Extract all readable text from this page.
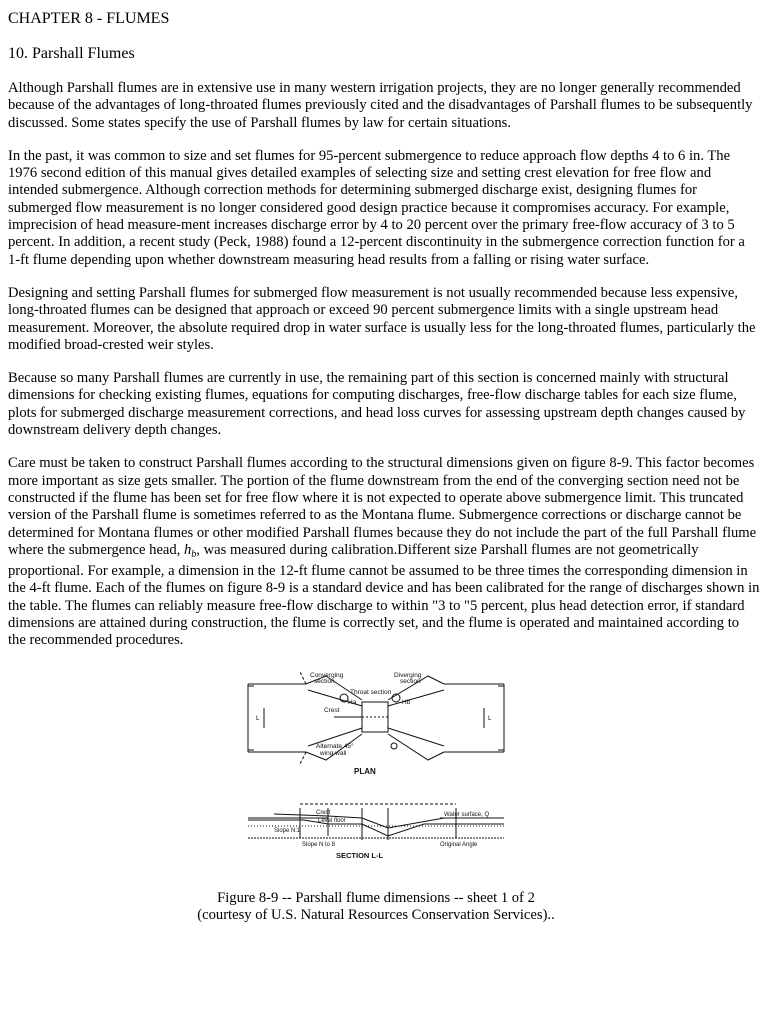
CHAPTER 8 - FLUMES
10. Parshall Flumes

Although Parshall flumes are in extensive use in many western irrigation projects, they are no longer generally recommended because of the advantages of long-throated flumes previously cited and the disadvantages of Parshall flumes to be subsequently discussed. Some states specify the use of Parshall flumes by law for certain situations.

In the past, it was common to size and set flumes for 95-percent submergence to reduce approach flow depths 4 to 6 in. The 1976 second edition of this manual gives detailed examples of selecting size and setting crest elevation for free flow and intended submergence. Although correction methods for determining submerged discharge exist, designing flumes for submerged flow measurement is no longer considered good design practice because it compromises accuracy. For example, imprecision of head measure-ment increases discharge error by 4 to 20 percent over the primary free-flow accuracy of 3 to 5 percent. In addition, a recent study (Peck, 1988) found a 12-percent discontinuity in the submergence correction function for a 1-ft flume depending upon whether downstream measuring head results from a falling or rising water surface.

Designing and setting Parshall flumes for submerged flow measurement is not usually recommended because less expensive, long-throated flumes can be designed that approach or exceed 90 percent submergence limits with a single upstream head measurement. Moreover, the absolute required drop in water surface is usually less for the long-throated flumes, particularly the modified broad-crested weir styles.

Because so many Parshall flumes are currently in use, the remaining part of this section is concerned mainly with structural dimensions for checking existing flumes, equations for computing discharges, free-flow discharge tables for each size flume, plots for submerged discharge measurement corrections, and head loss curves for assessing upstream depth changes caused by downstream delivery depth changes.

Care must be taken to construct Parshall flumes according to the structural dimensions given on figure 8-9. This factor becomes more important as size gets smaller. The portion of the flume downstream from the end of the converging section need not be constructed if the flume has been set for free flow where it is not expected to operate above submergence limit. This truncated version of the Parshall flume is sometimes referred to as the Montana flume. Submergence corrections or discharge cannot be determined for Montana flumes or other modified Parshall flumes because they do not include the part of the full Parshall flume where the submergence head, $h_b$, was measured during calibration.Different size Parshall flumes are not geometrically proportional. For example, a dimension in the 12-ft flume cannot be assumed to be three times the corresponding dimension in the 4-ft flume. Each of the flumes on figure 8-9 is a standard device and has been calibrated for the range of discharges shown in the table. The flumes can reliably measure free-flow discharge to within "3 to "5 percent, plus head detection error, if standard dimensions are attained during construction, the flume is correctly set, and the flume is operated and maintained according to the recommended procedures.

Converging
section
Diverging
section
Throat section
Crest
Ha	Hb
Alternate 45°
wing wall
L	L
PLAN
Water surface, Q
Crest
Level floor
Slope N:1
Slope N to 8	Original Angle
SECTION L-L
Figure 8-9 -- Parshall flume dimensions -- sheet 1 of 2
(courtesy of U.S. Natural Resources Conservation Services)..
